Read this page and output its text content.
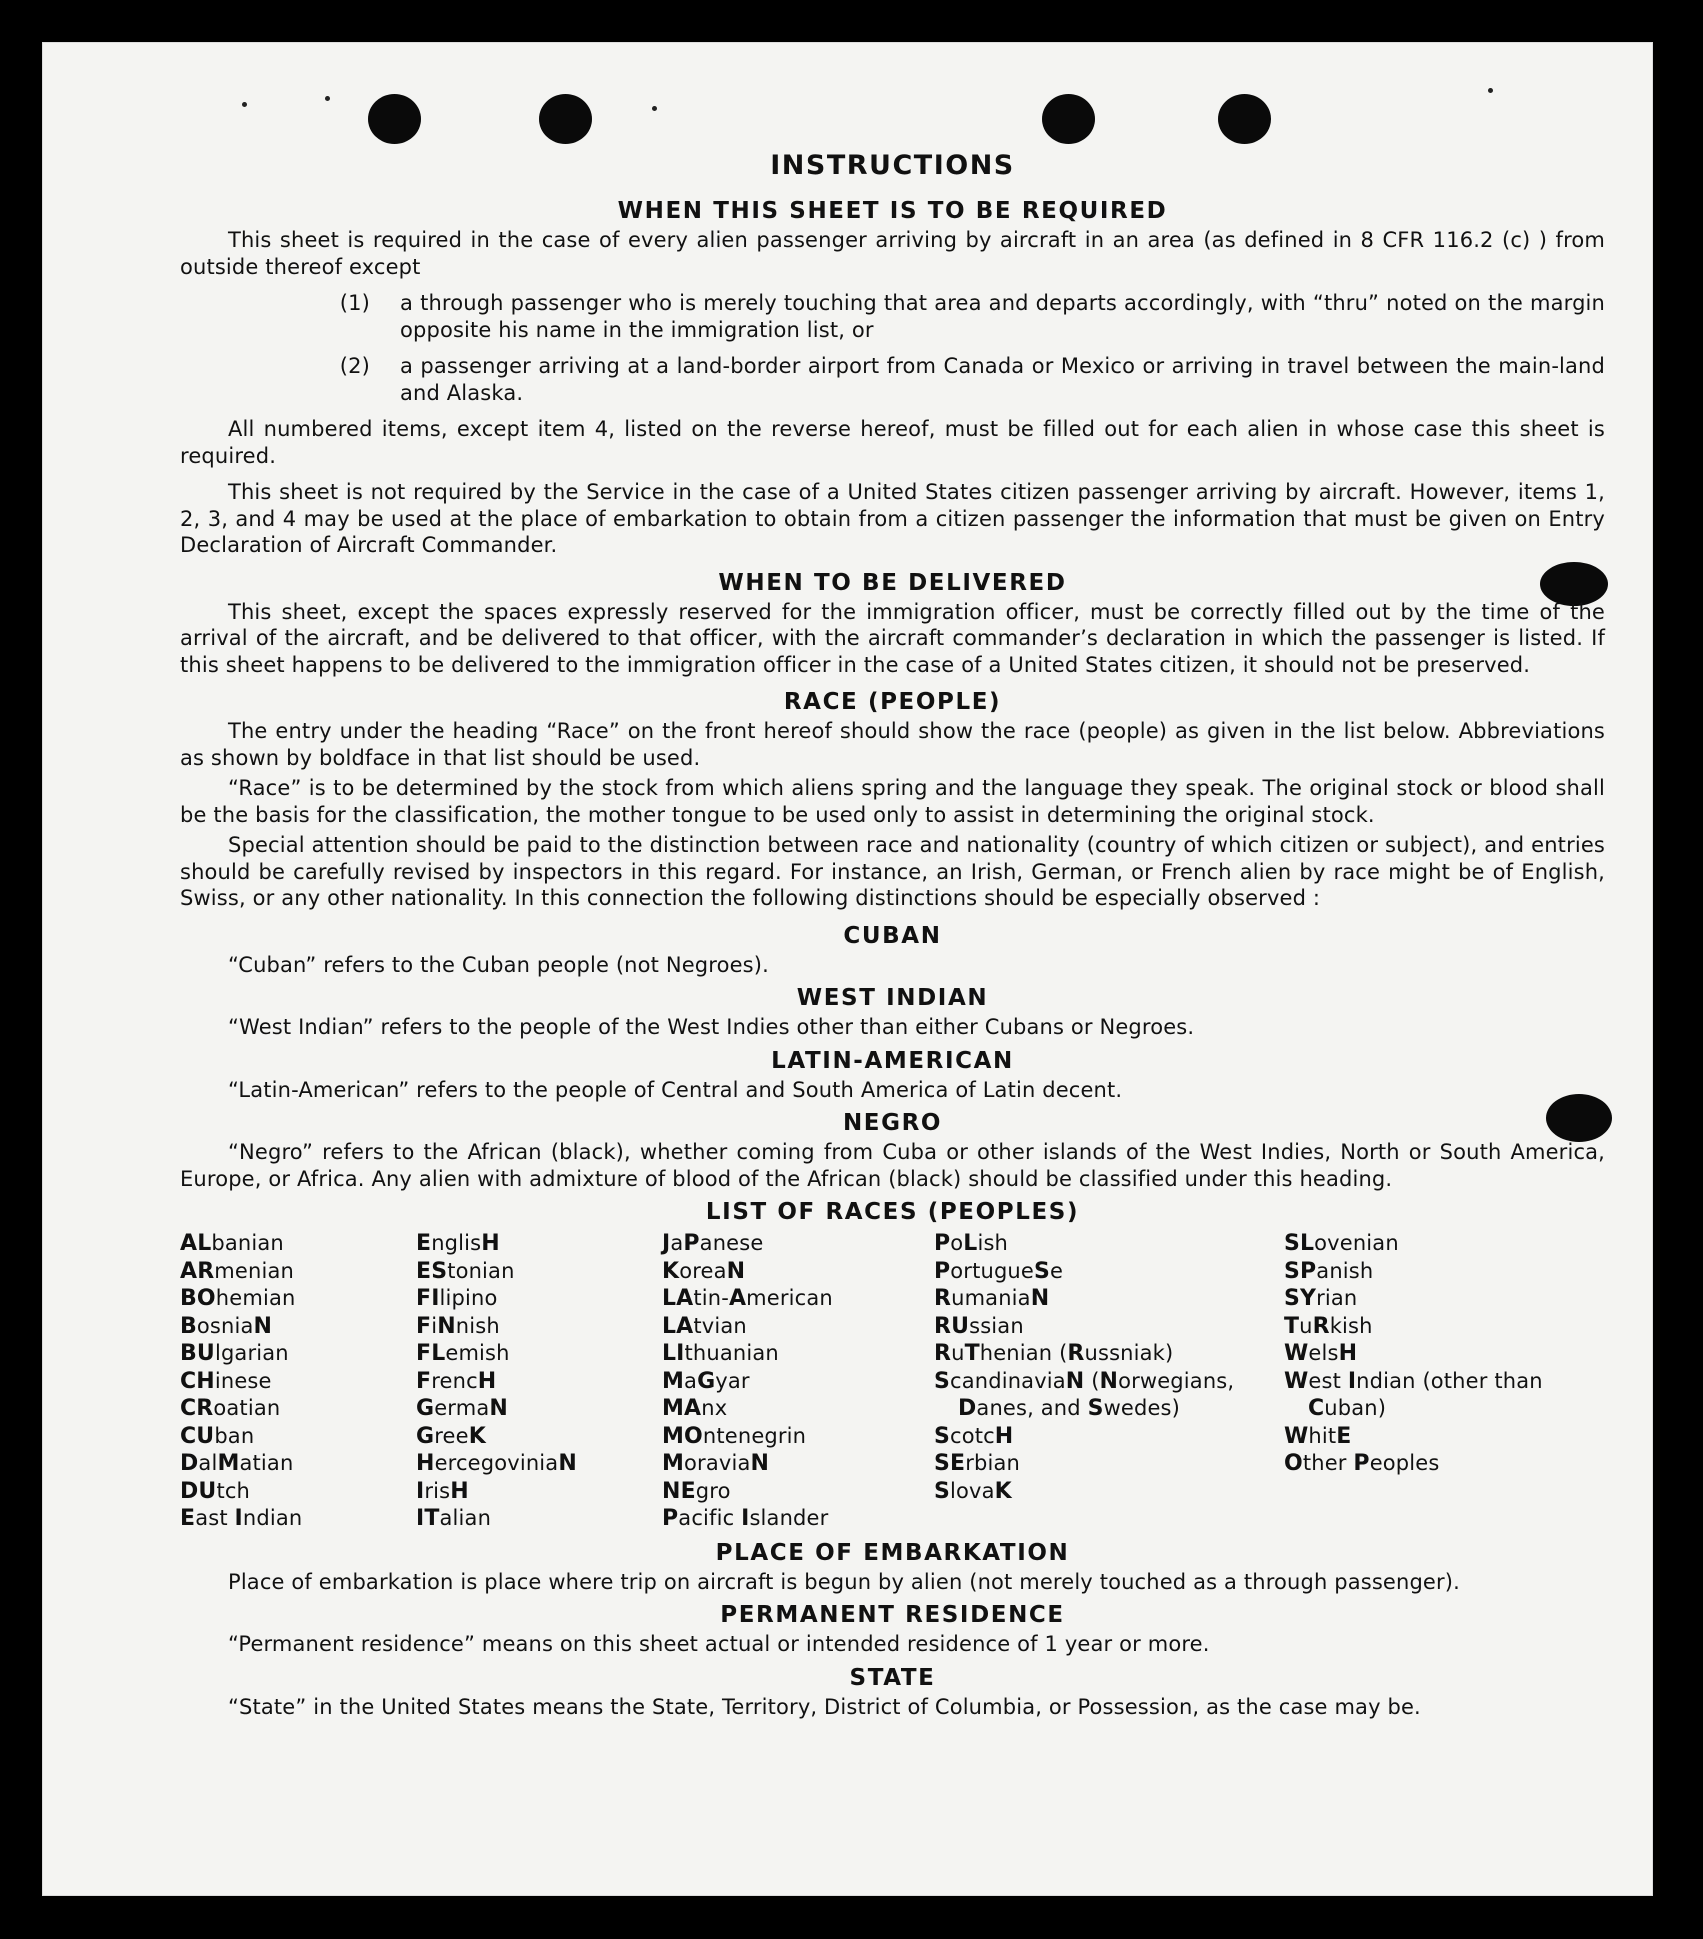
INSTRUCTIONS
WHEN THIS SHEET IS TO BE REQUIRED

This sheet is required in the case of every alien passenger arriving by aircraft in an area (as defined in 8 CFR 116.2 (c) ) from outside thereof except

(1)	a through passenger who is merely touching that area and departs accordingly, with “thru” noted on the margin opposite his name in the immigration list, or
(2)	a passenger arriving at a land-border airport from Canada or Mexico or arriving in travel between the main-land and Alaska.

All numbered items, except item 4, listed on the reverse hereof, must be filled out for each alien in whose case this sheet is required.

This sheet is not required by the Service in the case of a United States citizen passenger arriving by aircraft. However, items 1, 2, 3, and 4 may be used at the place of embarkation to obtain from a citizen passenger the information that must be given on Entry Declaration of Aircraft Commander.

WHEN TO BE DELIVERED

This sheet, except the spaces expressly reserved for the immigration officer, must be correctly filled out by the time of the arrival of the aircraft, and be delivered to that officer, with the aircraft commander’s declaration in which the passenger is listed. If this sheet happens to be delivered to the immigration officer in the case of a United States citizen, it should not be preserved.

RACE (PEOPLE)

The entry under the heading “Race” on the front hereof should show the race (people) as given in the list below. Abbreviations as shown by boldface in that list should be used.

“Race” is to be determined by the stock from which aliens spring and the language they speak. The original stock or blood shall be the basis for the classification, the mother tongue to be used only to assist in determining the original stock.

Special attention should be paid to the distinction between race and nationality (country of which citizen or subject), and entries should be carefully revised by inspectors in this regard. For instance, an Irish, German, or French alien by race might be of English, Swiss, or any other nationality. In this connection the following distinctions should be especially observed :

CUBAN
“Cuban” refers to the Cuban people (not Negroes).
WEST INDIAN
“West Indian” refers to the people of the West Indies other than either Cubans or Negroes.
LATIN-AMERICAN
“Latin-American” refers to the people of Central and South America of Latin decent.
NEGRO

“Negro” refers to the African (black), whether coming from Cuba or other islands of the West Indies, North or South America, Europe, or Africa. Any alien with admixture of blood of the African (black) should be classified under this heading.

LIST OF RACES (PEOPLES)
ALbanian
ARmenian
BOhemian
BosniaN
BUlgarian
CHinese
CRoatian
CUban
DalMatian
DUtch
East Indian
EnglisH
EStonian
FIlipino
FiNnish
FLemish
FrencH
GermaN
GreeK
HercegoviniaN
IrisH
ITalian
JaPanese
KoreaN
LAtin-American
LAtvian
LIthuanian
MaGyar
MAnx
MOntenegrin
MoraviaN
NEgro
Pacific Islander
PoLish
PortugueSe
RumaniaN
RUssian
RuThenian (Russniak)
ScandinaviaN (Norwegians, Danes, and Swedes)
ScotcH
SErbian
SlovaK
SLovenian
SPanish
SYrian
TuRkish
WelsH
West Indian (other than Cuban)
WhitE
Other Peoples
PLACE OF EMBARKATION
Place of embarkation is place where trip on aircraft is begun by alien (not merely touched as a through passenger).
PERMANENT RESIDENCE
“Permanent residence” means on this sheet actual or intended residence of 1 year or more.
STATE
“State” in the United States means the State, Territory, District of Columbia, or Possession, as the case may be.
